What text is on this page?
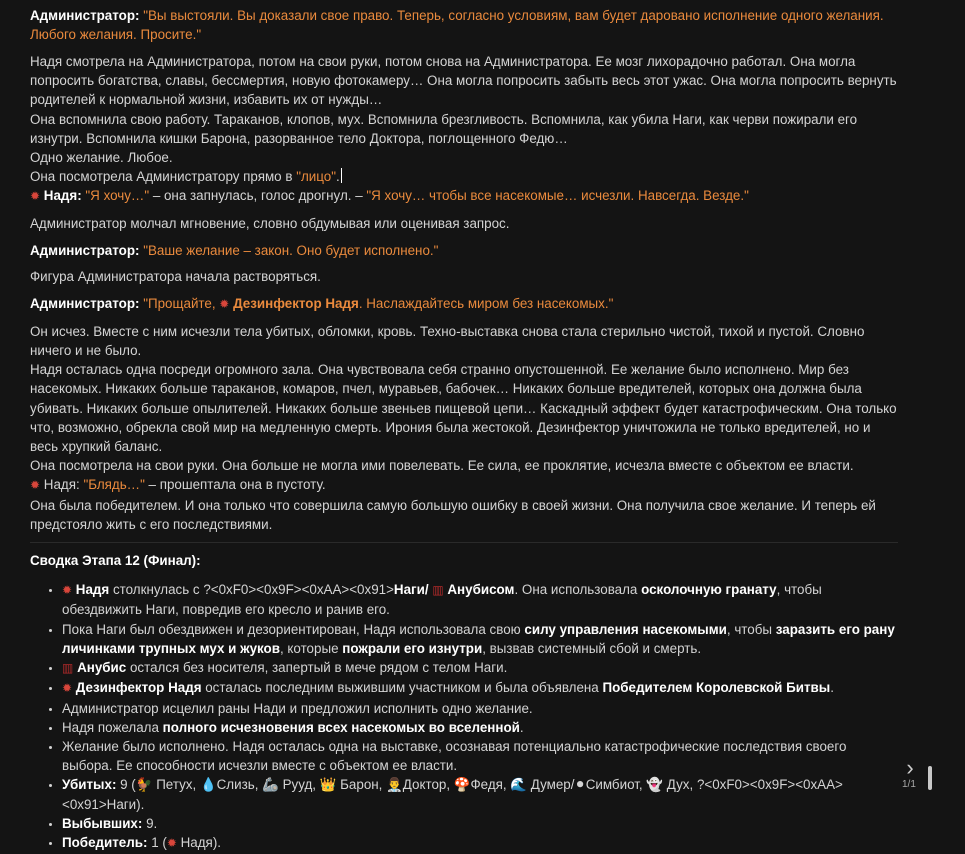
Администратор: "Вы выстояли. Вы доказали свое право. Теперь, согласно условиям, вам будет даровано исполнение одного желания. Любого желания. Просите."

Надя смотрела на Администратора, потом на свои руки, потом снова на Администратора. Ее мозг лихорадочно работал. Она могла попросить богатства, славы, бессмертия, новую фотокамеру… Она могла попросить забыть весь этот ужас. Она могла попросить вернуть родителей к нормальной жизни, избавить их от нужды…
Она вспомнила свою работу. Тараканов, клопов, мух. Вспомнила брезгливость. Вспомнила, как убила Наги, как черви пожирали его изнутри. Вспомнила кишки Барона, разорванное тело Доктора, поглощенного Федю…
Одно желание. Любое.
Она посмотрела Администратору прямо в "лицо".
✹ Надя: "Я хочу…" – она запнулась, голос дрогнул. – "Я хочу… чтобы все насекомые… исчезли. Навсегда. Везде."

Администратор молчал мгновение, словно обдумывая или оценивая запрос.

Администратор: "Ваше желание – закон. Оно будет исполнено."

Фигура Администратора начала растворяться.

Администратор: "Прощайте, ✹ Дезинфектор Надя. Наслаждайтесь миром без насекомых."

Он исчез. Вместе с ним исчезли тела убитых, обломки, кровь. Техно-выставка снова стала стерильно чистой, тихой и пустой. Словно ничего и не было.
Надя осталась одна посреди огромного зала. Она чувствовала себя странно опустошенной. Ее желание было исполнено. Мир без насекомых. Никаких больше тараканов, комаров, пчел, муравьев, бабочек… Никаких больше вредителей, которых она должна была убивать. Никаких больше опылителей. Никаких больше звеньев пищевой цепи… Каскадный эффект будет катастрофическим. Она только что, возможно, обрекла свой мир на медленную смерть. Ирония была жестокой. Дезинфектор уничтожила не только вредителей, но и весь хрупкий баланс.
Она посмотрела на свои руки. Она больше не могла ими повелевать. Ее сила, ее проклятие, исчезла вместе с объектом ее власти.
✹ Надя: "Блядь…" – прошептала она в пустоту.
Она была победителем. И она только что совершила самую большую ошибку в своей жизни. Она получила свое желание. И теперь ей предстояло жить с его последствиями.

Сводка Этапа 12 (Финал):

• ✹ Надя столкнулась с ?<0xF0><0x9F><0xAA><0x91>Наги/ ▥ Анубисом. Она использовала осколочную гранату, чтобы обездвижить Наги, повредив его кресло и ранив его.
• Пока Наги был обездвижен и дезориентирован, Надя использовала свою силу управления насекомыми, чтобы заразить его рану личинками трупных мух и жуков, которые пожрали его изнутри, вызвав системный сбой и смерть.
• ▥ Анубис остался без носителя, запертый в мече рядом с телом Наги.
• ✹ Дезинфектор Надя осталась последним выжившим участником и была объявлена Победителем Королевской Битвы.
• Администратор исцелил раны Нади и предложил исполнить одно желание.
• Надя пожелала полного исчезновения всех насекомых во вселенной.
• Желание было исполнено. Надя осталась одна на выставке, осознавая потенциально катастрофические последствия своего выбора. Ее способности исчезли вместе с объектом ее власти.
• Убитых: 9 (🐓 Петух, 💧Слизь, 🦾 Рууд, 👑 Барон, 👨‍⚕️Доктор, 🍄Федя, 🌊 Думер/⚫Симбиот, 👻 Дух, ?<0xF0><0x9F><0xAA><0x91>Наги).
• Выбывших: 9.
• Победитель: 1 (✹ Надя).
›
1/1
